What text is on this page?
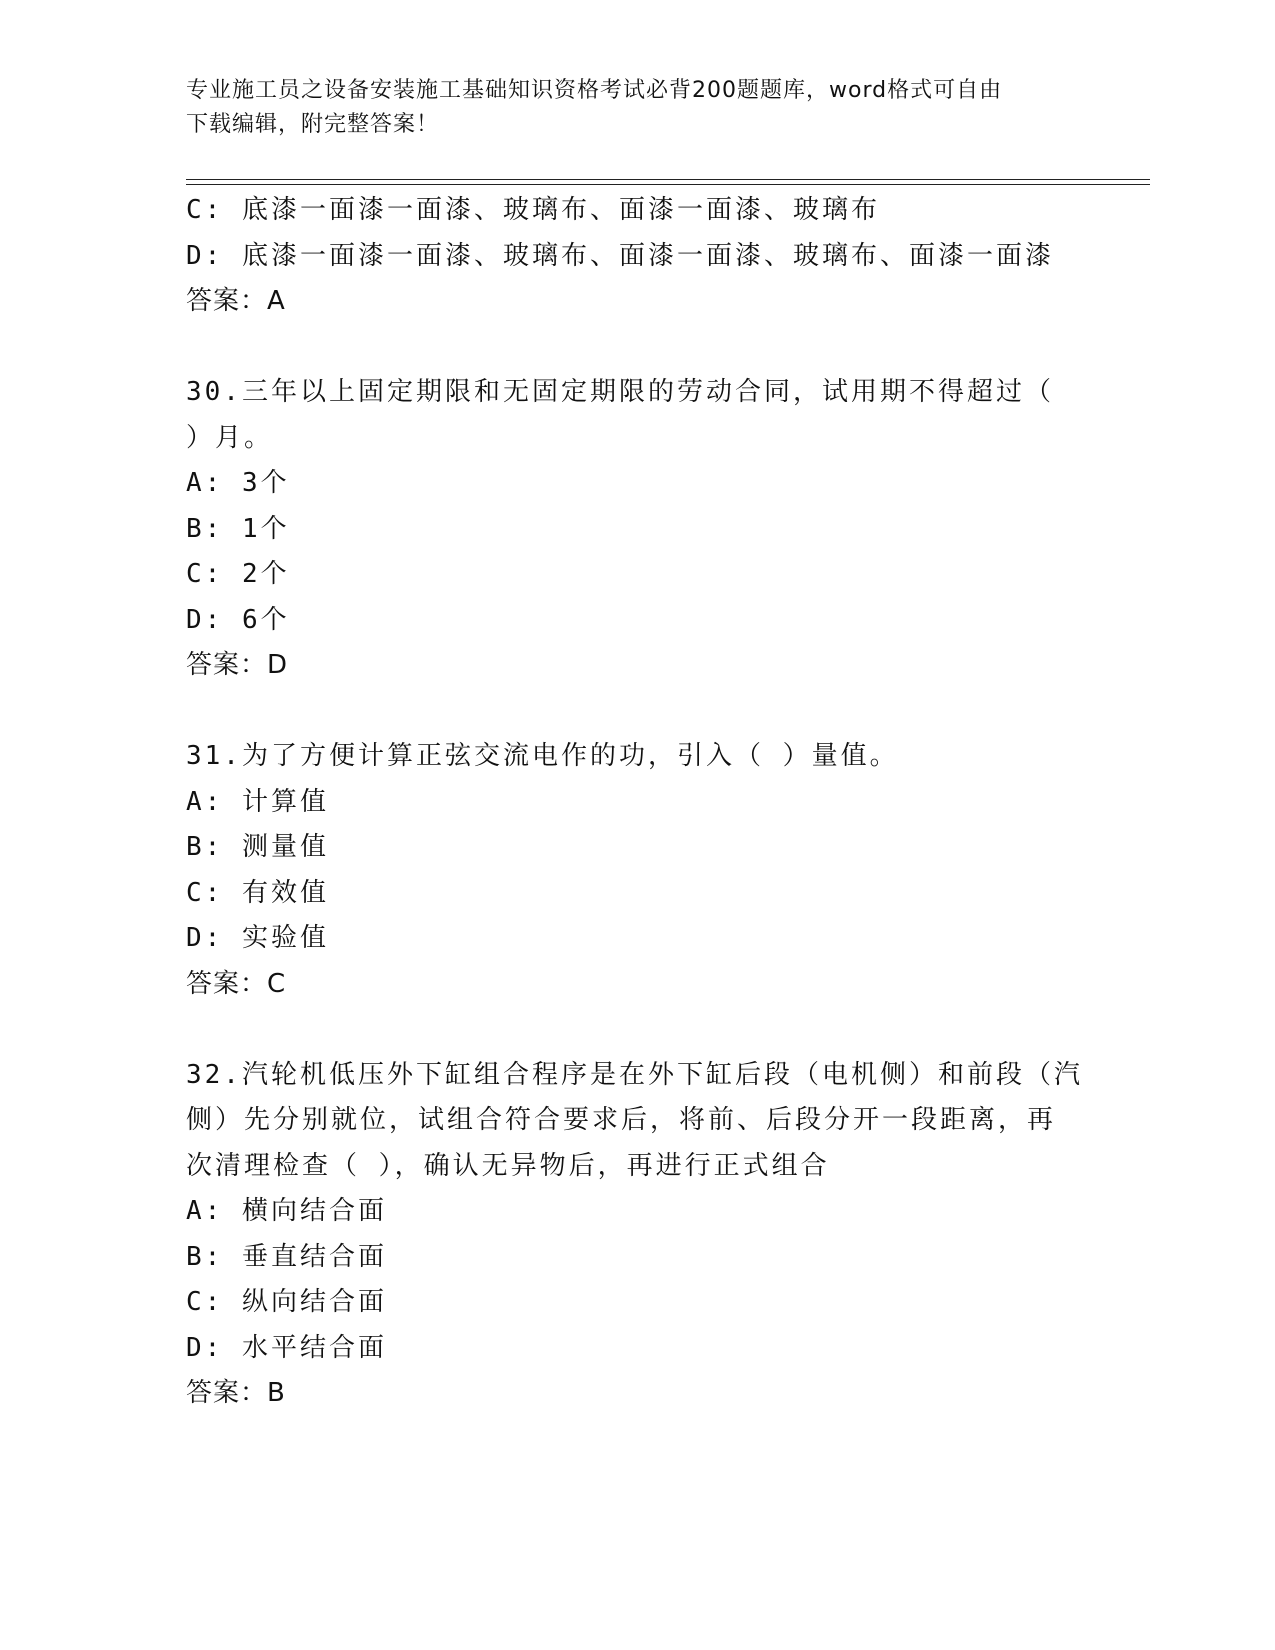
专业施工员之设备安装施工基础知识资格考试必背200题题库，word格式可自由
下载编辑，附完整答案！
C: 底漆一面漆一面漆、玻璃布、面漆一面漆、玻璃布
D: 底漆一面漆一面漆、玻璃布、面漆一面漆、玻璃布、面漆一面漆
答案：A
30.三年以上固定期限和无固定期限的劳动合同，试用期不得超过（
）月。
A: 3个
B: 1个
C: 2个
D: 6个
答案：D
31.为了方便计算正弦交流电作的功，引入（ ）量值。
A: 计算值
B: 测量值
C: 有效值
D: 实验值
答案：C
32.汽轮机低压外下缸组合程序是在外下缸后段（电机侧）和前段（汽
侧）先分别就位，试组合符合要求后，将前、后段分开一段距离，再
次清理检查（ ），确认无异物后，再进行正式组合
A: 横向结合面
B: 垂直结合面
C: 纵向结合面
D: 水平结合面
答案：B
